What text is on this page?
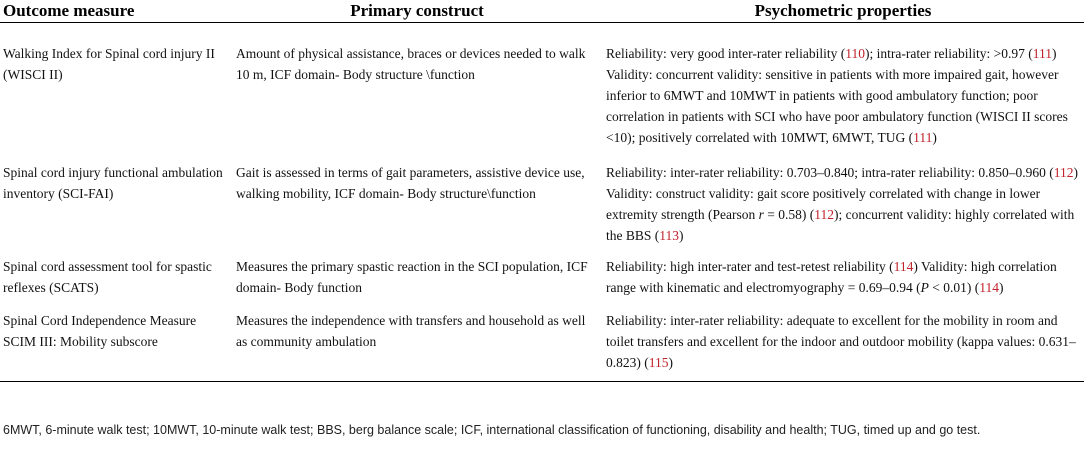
Outcome measure	Primary construct	Psychometric properties
Walking Index for Spinal cord injury II (WISCI II)	Amount of physical assistance, braces or devices needed to walk 10 m, ICF domain- Body structure \function	Reliability: very good inter-rater reliability (110); intra-rater reliability: >0.97 (111) Validity: concurrent validity: sensitive in patients with more impaired gait, however inferior to 6MWT and 10MWT in patients with good ambulatory function; poor correlation in patients with SCI who have poor ambulatory function (WISCI II scores <10); positively correlated with 10MWT, 6MWT, TUG (111)
Spinal cord injury functional ambulation inventory (SCI-FAI)	Gait is assessed in terms of gait parameters, assistive device use, walking mobility, ICF domain- Body structure\function	Reliability: inter-rater reliability: 0.703–0.840; intra-rater reliability: 0.850–0.960 (112) Validity: construct validity: gait score positively correlated with change in lower extremity strength (Pearson r = 0.58) (112); concurrent validity: highly correlated with the BBS (113)
Spinal cord assessment tool for spastic reflexes (SCATS)	Measures the primary spastic reaction in the SCI population, ICF domain- Body function	Reliability: high inter-rater and test-retest reliability (114) Validity: high correlation range with kinematic and electromyography = 0.69–0.94 (P < 0.01) (114)
Spinal Cord Independence Measure SCIM III: Mobility subscore	Measures the independence with transfers and household as well as community ambulation	Reliability: inter-rater reliability: adequate to excellent for the mobility in room and toilet transfers and excellent for the indoor and outdoor mobility (kappa values: 0.631–0.823) (115)
6MWT, 6-minute walk test; 10MWT, 10-minute walk test; BBS, berg balance scale; ICF, international classification of functioning, disability and health; TUG, timed up and go test.
